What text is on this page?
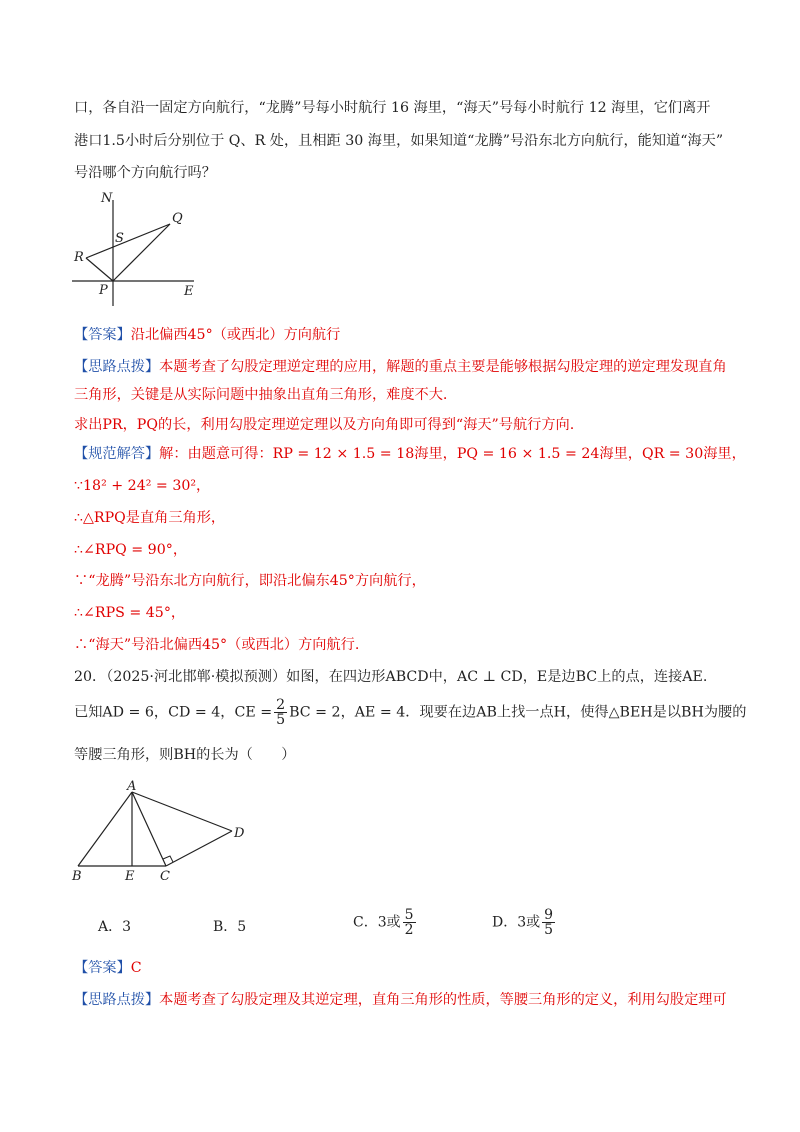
口，各自沿一固定方向航行，“龙腾”号每小时航行 16 海里，“海天”号每小时航行 12 海里，它们离开
港口1.5小时后分别位于 Q、R 处，且相距 30 海里，如果知道“龙腾”号沿东北方向航行，能知道“海天”
号沿哪个方向航行吗？
N
Q
S
R
P	E
【答案】沿北偏西45°（或西北）方向航行
【思路点拨】本题考查了勾股定理逆定理的应用，解题的重点主要是能够根据勾股定理的逆定理发现直角
三角形，关键是从实际问题中抽象出直角三角形，难度不大.
求出PR，PQ的长，利用勾股定理逆定理以及方向角即可得到“海天”号航行方向.
【规范解答】解：由题意可得：RP = 12 × 1.5 = 18海里，PQ = 16 × 1.5 = 24海里，QR = 30海里，
∵18² + 24² = 30²，
∴△RPQ是直角三角形，
∴∠RPQ = 90°，
∵“龙腾”号沿东北方向航行，即沿北偏东45°方向航行，
∴∠RPS = 45°，
∴“海天”号沿北偏西45°（或西北）方向航行.
20．（2025·河北邯郸·模拟预测）如图，在四边形ABCD中，AC ⊥ CD，E是边BC上的点，连接AE.
已知AD = 6，CD = 4，CE = $\frac{2}{5}$ BC = 2，AE = 4．现要在边AB上找一点H，使得△BEH是以BH为腰的
等腰三角形，则BH的长为（　　）
A
B	E C
D
A．3	B．5	C．3或 $\frac{5}{2}$	D．3或 $\frac{9}{5}$
【答案】C
【思路点拨】本题考查了勾股定理及其逆定理，直角三角形的性质，等腰三角形的定义，利用勾股定理可
